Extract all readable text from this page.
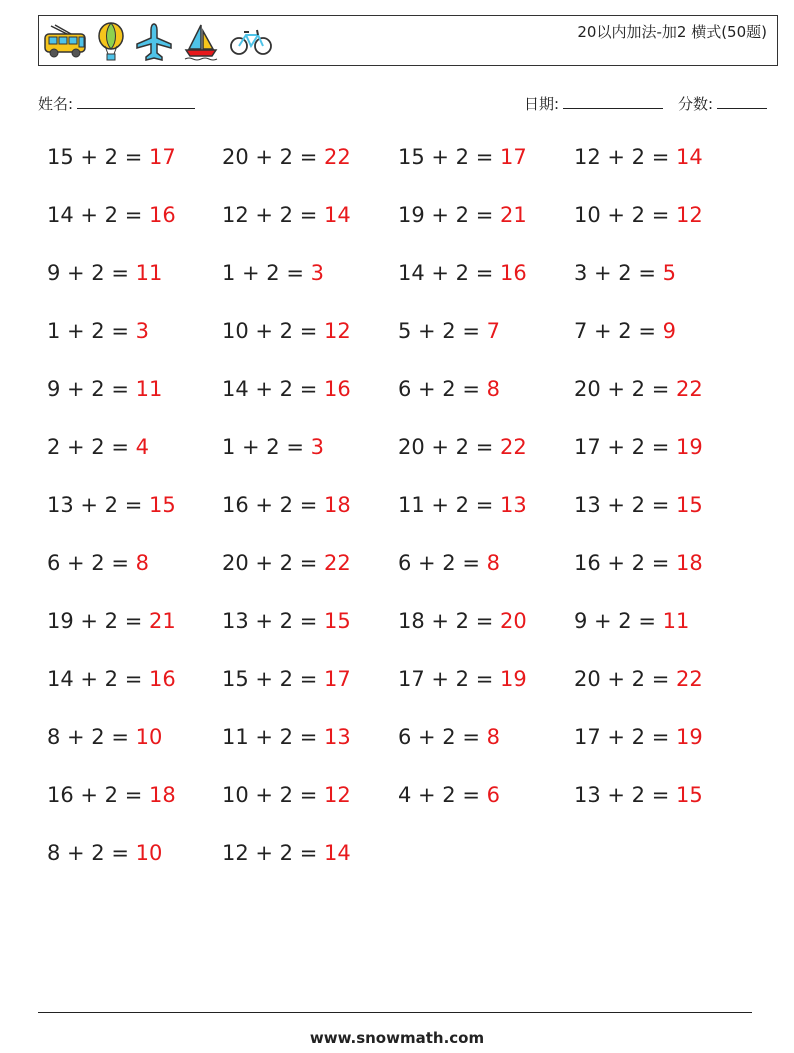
20以内加法-加2 横式(50题)
姓名:	日期:	分数:
15 + 2 = 17 20 + 2 = 22 15 + 2 = 17 12 + 2 = 14
14 + 2 = 16 12 + 2 = 14 19 + 2 = 21 10 + 2 = 12
9 + 2 = 11	1 + 2 = 3	14 + 2 = 16 3 + 2 = 5
1 + 2 = 3	10 + 2 = 12 5 + 2 = 7	7 + 2 = 9
9 + 2 = 11	14 + 2 = 16 6 + 2 = 8	20 + 2 = 22
2 + 2 = 4	1 + 2 = 3	20 + 2 = 22 17 + 2 = 19
13 + 2 = 15 16 + 2 = 18 11 + 2 = 13 13 + 2 = 15
6 + 2 = 8	20 + 2 = 22 6 + 2 = 8	16 + 2 = 18
19 + 2 = 21 13 + 2 = 15 18 + 2 = 20 9 + 2 = 11
14 + 2 = 16 15 + 2 = 17 17 + 2 = 19 20 + 2 = 22
8 + 2 = 10	11 + 2 = 13 6 + 2 = 8	17 + 2 = 19
16 + 2 = 18 10 + 2 = 12 4 + 2 = 6	13 + 2 = 15
8 + 2 = 10	12 + 2 = 14
www.snowmath.com
